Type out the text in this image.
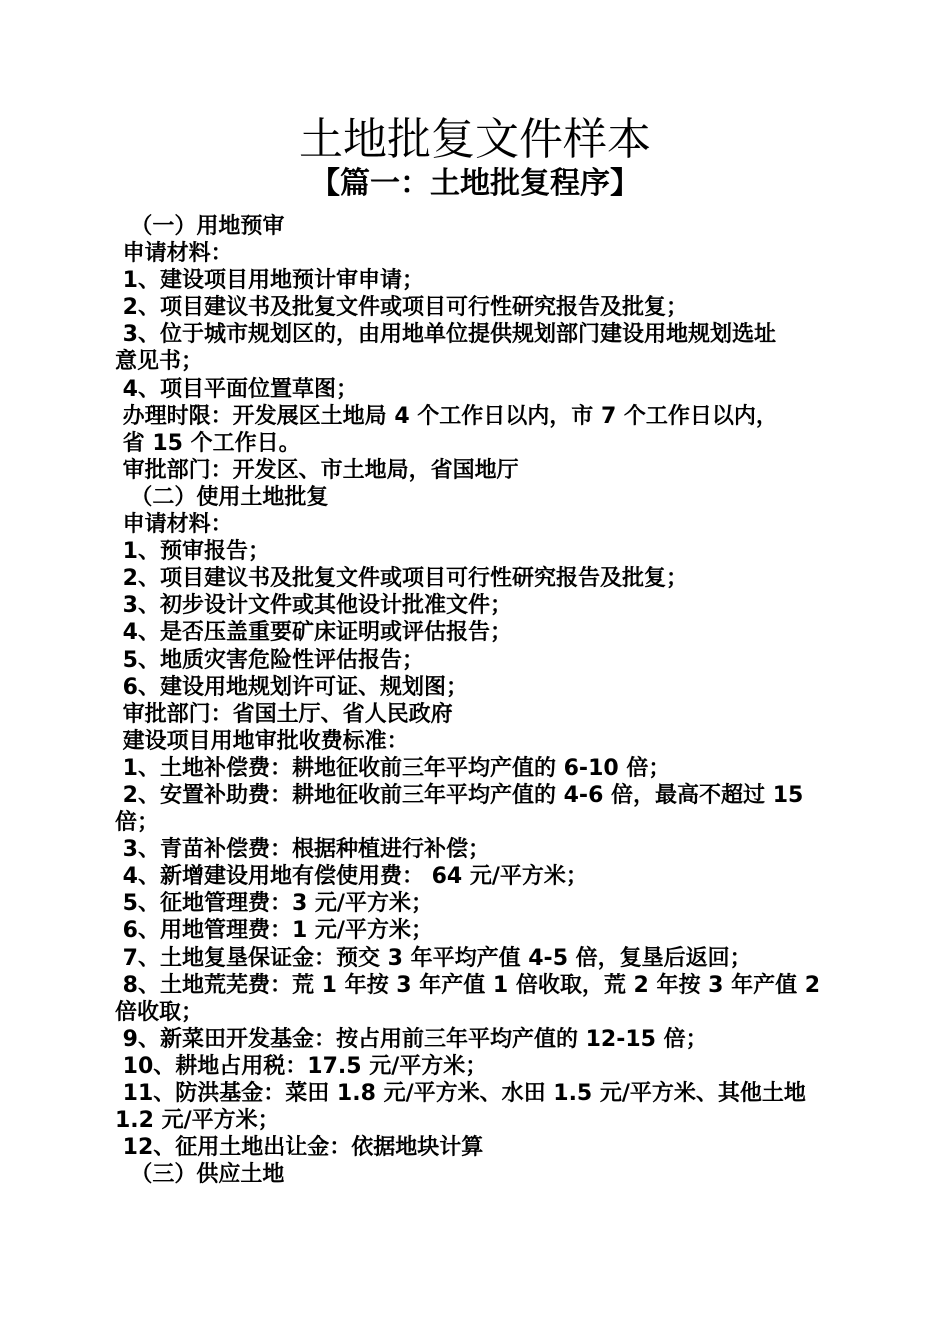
土地批复文件样本
【篇一：土地批复程序】

（一）用地预审

申请材料：

1、建设项目用地预计审申请；

2、项目建议书及批复文件或项目可行性研究报告及批复；

3、位于城市规划区的，由用地单位提供规划部门建设用地规划选址

意见书；

4、项目平面位置草图；

办理时限：开发展区土地局 4 个工作日以内，市 7 个工作日以内，

省 15 个工作日。

审批部门：开发区、市土地局，省国地厅

（二）使用土地批复

申请材料：

1、预审报告；

2、项目建议书及批复文件或项目可行性研究报告及批复；

3、初步设计文件或其他设计批准文件；

4、是否压盖重要矿床证明或评估报告；

5、地质灾害危险性评估报告；

6、建设用地规划许可证、规划图；

审批部门：省国土厅、省人民政府

建设项目用地审批收费标准：

1、土地补偿费：耕地征收前三年平均产值的 6-10 倍；

2、安置补助费：耕地征收前三年平均产值的 4-6 倍，最高不超过 15

倍；

3、青苗补偿费：根据种植进行补偿；

4、新增建设用地有偿使用费： 64 元/平方米；

5、征地管理费：3 元/平方米；

6、用地管理费：1 元/平方米；

7、土地复垦保证金：预交 3 年平均产值 4-5 倍，复垦后返回；

8、土地荒芜费：荒 1 年按 3 年产值 1 倍收取，荒 2 年按 3 年产值 2

倍收取；

9、新菜田开发基金：按占用前三年平均产值的 12-15 倍；

10、耕地占用税：17.5 元/平方米；

11、防洪基金：菜田 1.8 元/平方米、水田 1.5 元/平方米、其他土地

1.2 元/平方米；

12、征用土地出让金：依据地块计算

（三）供应土地
